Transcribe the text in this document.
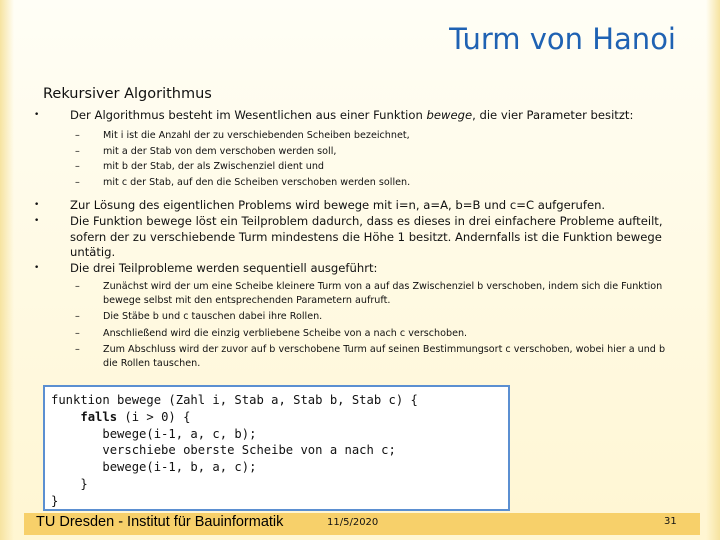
Turm von Hanoi
Rekursiver Algorithmus
•	Der Algorithmus besteht im Wesentlichen aus einer Funktion bewege, die vier Parameter besitzt:
– Mit i ist die Anzahl der zu verschiebenden Scheiben bezeichnet,
– mit a der Stab von dem verschoben werden soll,
– mit b der Stab, der als Zwischenziel dient und
– mit c der Stab, auf den die Scheiben verschoben werden sollen.
•	Zur Lösung des eigentlichen Problems wird bewege mit i=n, a=A, b=B und c=C aufgerufen.
•	Die Funktion bewege löst ein Teilproblem dadurch, dass es dieses in drei einfachere Probleme aufteilt, sofern der zu verschiebende Turm mindestens die Höhe 1 besitzt. Andernfalls ist die Funktion bewege untätig.
•	Die drei Teilprobleme werden sequentiell ausgeführt:
– Zunächst wird der um eine Scheibe kleinere Turm von a auf das Zwischenziel b verschoben, indem sich die Funktion bewege selbst mit den entsprechenden Parametern aufruft.
– Die Stäbe b und c tauschen dabei ihre Rollen.
– Anschließend wird die einzig verbliebene Scheibe von a nach c verschoben.
– Zum Abschluss wird der zuvor auf b verschobene Turm auf seinen Bestimmungsort c verschoben, wobei hier a und b die Rollen tauschen.
funktion bewege (Zahl i, Stab a, Stab b, Stab c) {
falls (i > 0) {
bewege(i-1, a, c, b);
verschiebe oberste Scheibe von a nach c;
bewege(i-1, b, a, c);
}
}
TU Dresden - Institut für Bauinformatik	11/5/2020	31
